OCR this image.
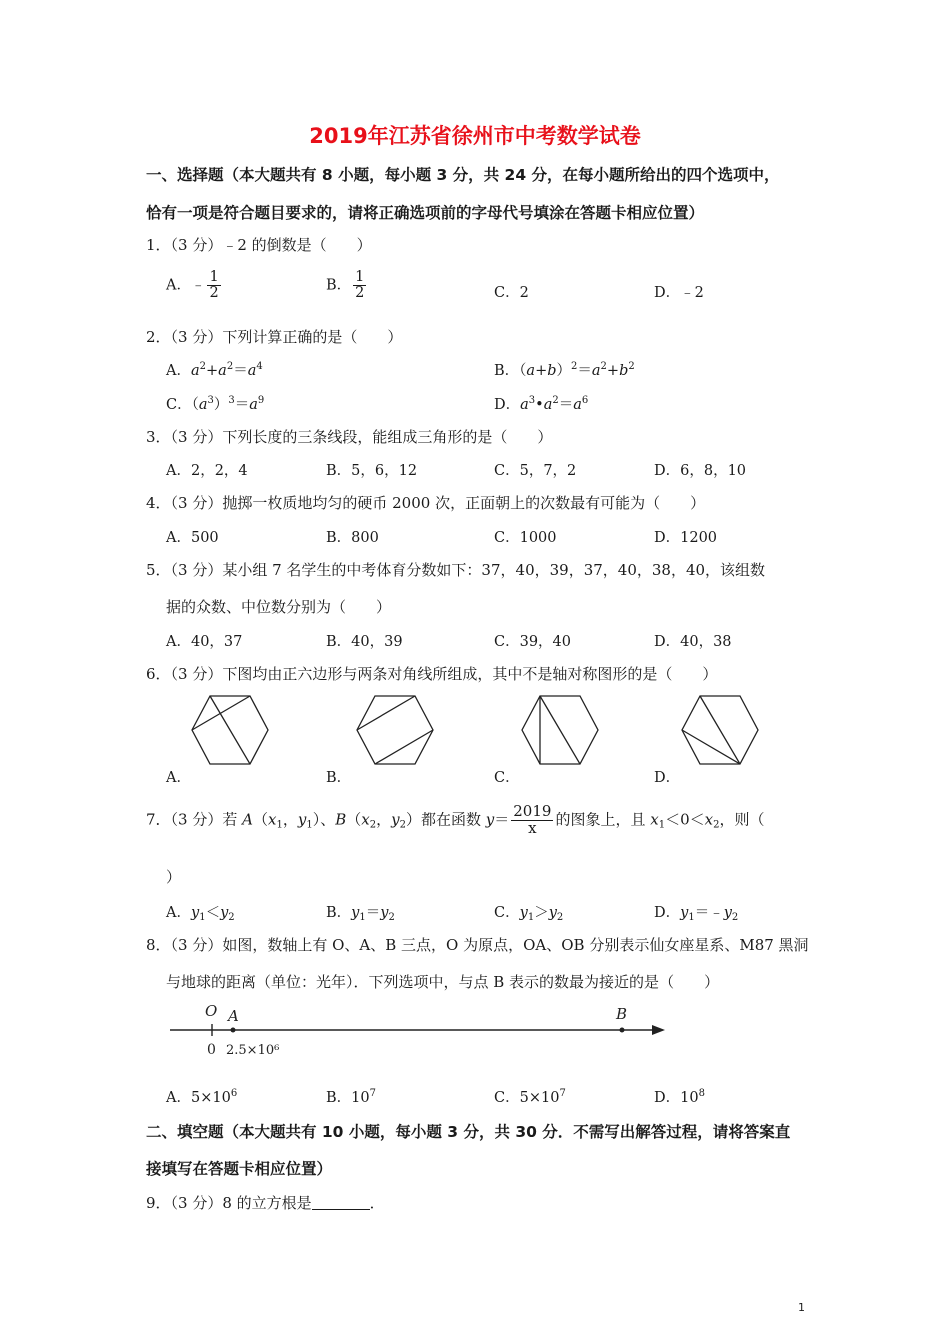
2019年江苏省徐州市中考数学试卷
一、选择题（本大题共有 8 小题，每小题 3 分，共 24 分，在每小题所给出的四个选项中，
恰有一项是符合题目要求的，请将正确选项前的字母代号填涂在答题卡相应位置）
1．（3 分）﹣2 的倒数是（　　）
A．﹣ $\frac{1}{2}$	B． $\frac{1}{2}$	C．2	D．﹣2
2．（3 分）下列计算正确的是（　　）
A．$a^2+a^2=a^4$	B．$(a+b)^2=a^2+b^2$
C．$(a^3)^3=a^9$	D．$a^3•a^2=a^6$
3．（3 分）下列长度的三条线段，能组成三角形的是（　　）
A．2，2，4	B．5，6，12	C．5，7，2	D．6，8，10
4．（3 分）抛掷一枚质地均匀的硬币 2000 次，正面朝上的次数最有可能为（　　）
A．500	B．800	C．1000	D．1200
5．（3 分）某小组 7 名学生的中考体育分数如下：37，40，39，37，40，38，40，该组数
据的众数、中位数分别为（　　）
A．40，37	B．40，39	C．39，40	D．40，38
6．（3 分）下图均由正六边形与两条对角线所组成，其中不是轴对称图形的是（　　）
A．	B．	C．	D．
7．（3 分）若 $A(x_1$，$y_1$）、$B(x_2$，$y_2$）都在函数 $y= \frac{2019}{x}$ 的图象上，且 $x_1<0<x_2$，则（
）
A．$y_1<y_2$	B．$y_1=y_2$	C．$y_1>y_2$	D．$y_1=﹣y_2$
8．（3 分）如图，数轴上有 O、A、B 三点，O 为原点，OA、OB 分别表示仙女座星系、M87 黑洞
与地球的距离（单位：光年）．下列选项中，与点 B 表示的数最为接近的是（　　）
O A	B
0 2.5×10⁶
A．$5\times 10^6$	B．$10^7$	C．$5\times 10^7$	D．$10^8$
二、填空题（本大题共有 10 小题，每小题 3 分，共 30 分．不需写出解答过程，请将答案直
接填写在答题卡相应位置）
9．（3 分）8 的立方根是	．
1
